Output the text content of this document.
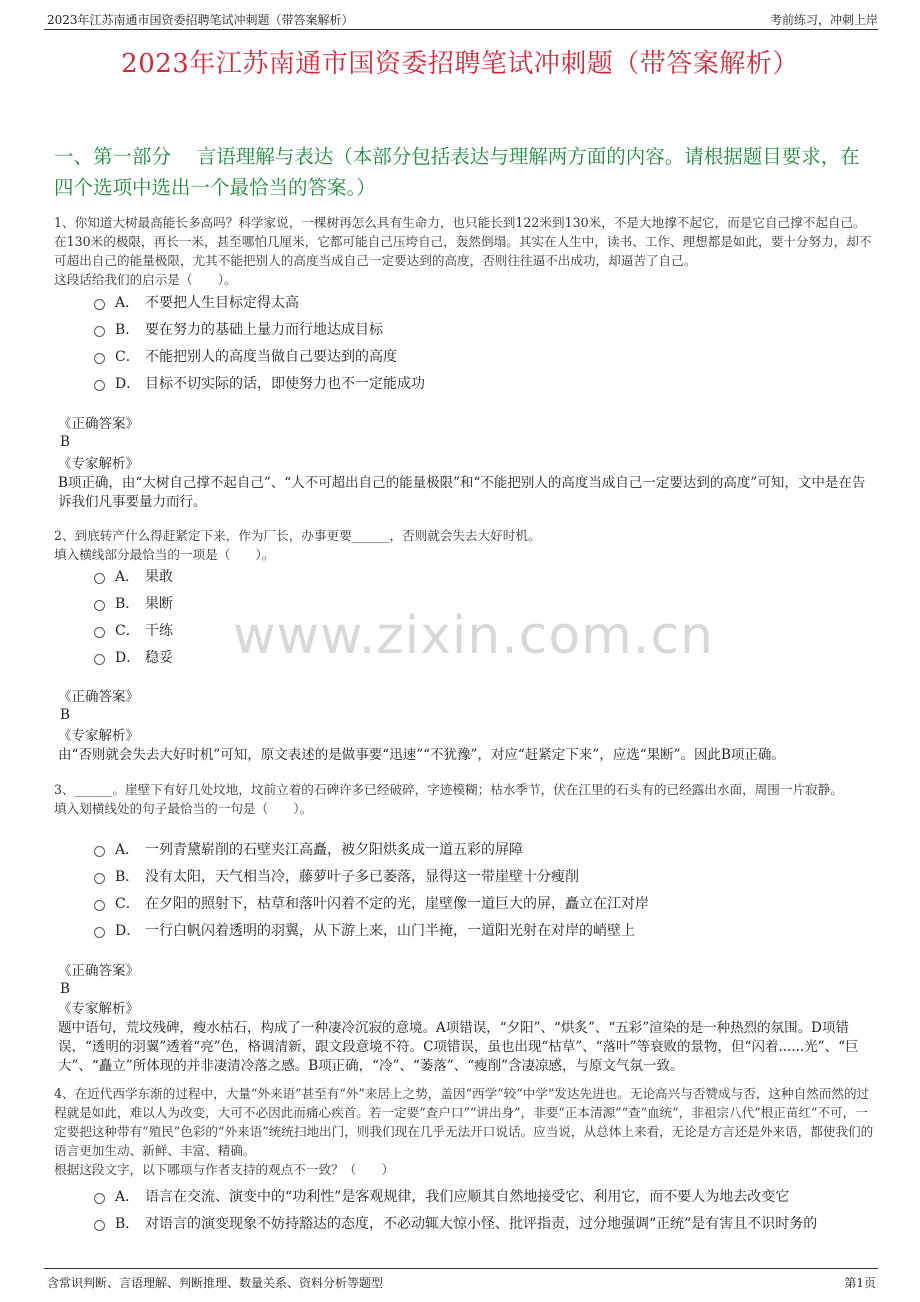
2023年江苏南通市国资委招聘笔试冲刺题（带答案解析）	考前练习，冲刺上岸
2023年江苏南通市国资委招聘笔试冲刺题（带答案解析）
一、第一部分　 言语理解与表达（本部分包括表达与理解两方面的内容。请根据题目要求，在四个选项中选出一个最恰当的答案。）
www.zixin.com.cn
1、你知道大树最高能长多高吗？科学家说，一棵树再怎么具有生命力，也只能长到122米到130米，不是大地撑不起它，而是它自己撑不起自己。在130米的极限，再长一米，甚至哪怕几厘米，它都可能自己压垮自己，轰然倒塌。其实在人生中，读书、工作、理想都是如此，要十分努力，却不可超出自己的能量极限，尤其不能把别人的高度当成自己一定要达到的高度，否则往往逼不出成功，却逼苦了自己。
这段话给我们的启示是（　　）。
A． 不要把人生目标定得太高
B． 要在努力的基础上量力而行地达成目标
C． 不能把别人的高度当做自己要达到的高度
D． 目标不切实际的话，即使努力也不一定能成功
《正确答案》
B
《专家解析》
B项正确，由“大树自己撑不起自己”、“人不可超出自己的能量极限”和“不能把别人的高度当成自己一定要达到的高度”可知，文中是在告诉我们凡事要量力而行。
2、到底转产什么得赶紧定下来，作为厂长，办事更要______，否则就会失去大好时机。
填入横线部分最恰当的一项是（　　）。
A． 果敢
B． 果断
C． 干练
D． 稳妥
《正确答案》
B
《专家解析》
由“否则就会失去大好时机”可知，原文表述的是做事要“迅速”“不犹豫”，对应“赶紧定下来”，应选“果断”。因此B项正确。
3、______。崖壁下有好几处坟地，坟前立着的石碑许多已经破碎，字迹模糊；枯水季节，伏在江里的石头有的已经露出水面，周围一片寂静。
填入划横线处的句子最恰当的一句是（　　）。
A． 一列青黛崭削的石壁夹江高矗，被夕阳烘炙成一道五彩的屏障
B． 没有太阳，天气相当冷，藤萝叶子多已萎落，显得这一带崖壁十分瘦削
C． 在夕阳的照射下，枯草和落叶闪着不定的光，崖壁像一道巨大的屏，矗立在江对岸
D． 一行白帆闪着透明的羽翼，从下游上来，山门半掩，一道阳光射在对岸的峭壁上
《正确答案》
B
《专家解析》
题中语句，荒坟残碑，瘦水枯石，构成了一种凄冷沉寂的意境。A项错误，“夕阳”、“烘炙”、“五彩”渲染的是一种热烈的氛围。D项错误，“透明的羽翼”透着“亮”色，格调清新，跟文段意境不符。C项错误，虽也出现“枯草”、“落叶”等衰败的景物，但“闪着......光”、“巨大”、“矗立”所体现的并非凄清冷落之感。B项正确，“冷”、“萎落”、“瘦削”含凄凉感，与原文气氛一致。
4、在近代西学东渐的过程中，大量“外来语”甚至有“外”来居上之势，盖因“西学”较“中学”发达先进也。无论高兴与否赞成与否，这种自然而然的过程就是如此，难以人为改变，大可不必因此而痛心疾首。若一定要“查户口”“讲出身”，非要“正本清源”“查”血统”，非祖宗八代“根正苗红”不可，一定要把这种带有“殖民”色彩的“外来语”统统扫地出门，则我们现在几乎无法开口说话。应当说，从总体上来看，无论是方言还是外来语，都使我们的语言更加生动、新鲜、丰富、精确。
根据这段文字，以下哪项与作者支持的观点不一致？（　　）
A． 语言在交流、演变中的“功利性”是客观规律，我们应顺其自然地接受它、利用它，而不要人为地去改变它
B． 对语言的演变现象不妨持豁达的态度，不必动辄大惊小怪、批评指责，过分地强调“正统”是有害且不识时务的
含常识判断、言语理解、判断推理、数量关系、资料分析等题型	第1页
